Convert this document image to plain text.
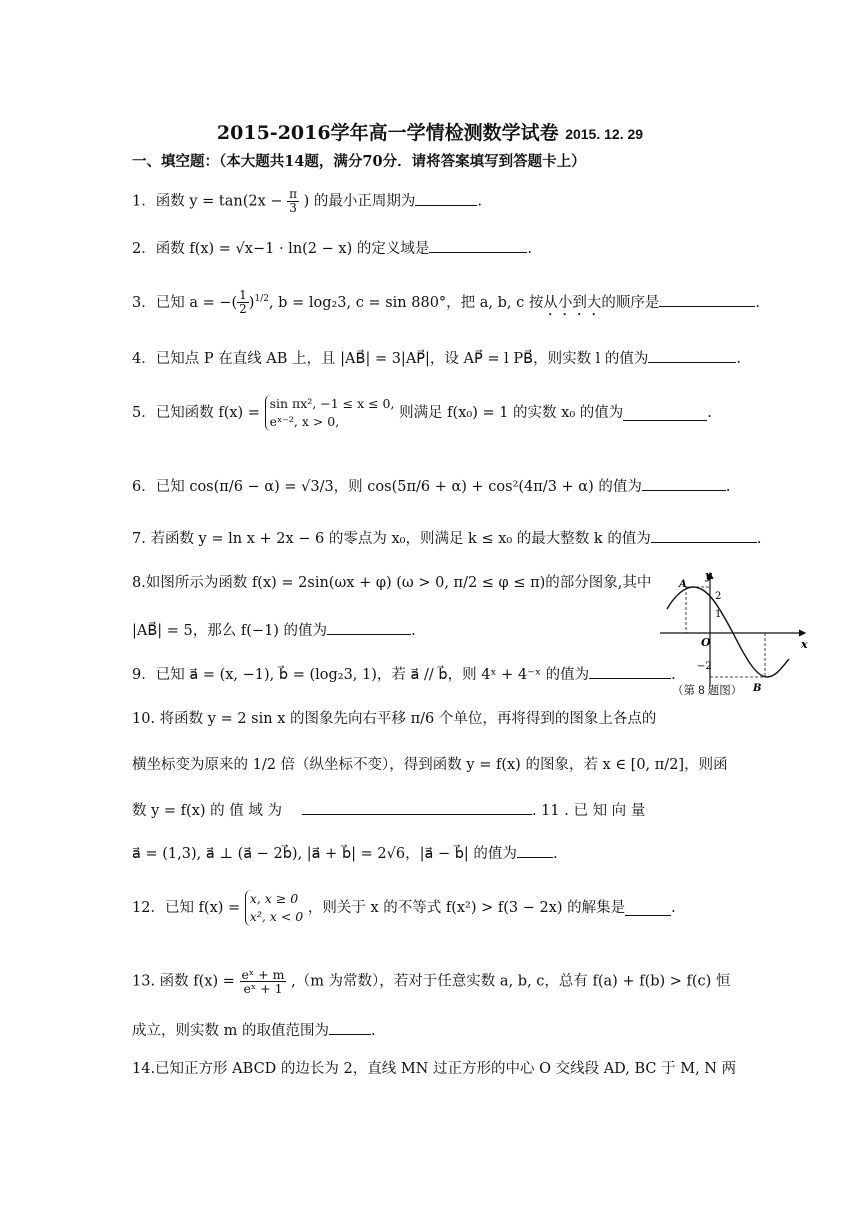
2015-2016学年高一学情检测数学试卷 2015. 12. 29
一、填空题：（本大题共14题，满分70分．请将答案填写到答题卡上）
1．函数 $y = \tan(2x - \frac{\pi}{3}$ ) 的最小正周期为	.
2．函数 f(x) = √x−1 · ln(2 − x) 的定义域是	.
3．已知 a = −( $\frac{1}{2} )^{1/2}$, b = log₂3, c = sin 880°，把 a, b, c 按从小到大的顺序是	.
4．已知点 P 在直线 AB 上，且 |AB⃗| = 3|AP⃗|，设 AP⃗ = l PB⃗，则实数 l 的值为	.
5．已知函数 f(x) =
sin πx², −1 ≤ x ≤ 0,
eˣ⁻², x > 0,
则满足 f(x₀) = 1 的实数 x₀ 的值为	.
6．已知 cos(π/6 − α) = √3/3，则 cos(5π/6 + α) + cos²(4π/3 + α) 的值为	.
7. 若函数 y = ln x + 2x − 6 的零点为 x₀，则满足 k ≤ x₀ 的最大整数 k 的值为	.
8.如图所示为函数 f(x) = 2sin(ωx + φ) (ω > 0, π/2 ≤ φ ≤ π)的部分图象,其中
|AB⃗| = 5，那么 f(−1) 的值为	.
9．已知 a⃗ = (x, −1), b⃗ = (log₂3, 1)，若 a⃗ // b⃗，则 4ˣ + 4⁻ˣ 的值为	.
10. 将函数 y = 2 sin x 的图象先向右平移 π/6 个单位，再将得到的图象上各点的
横坐标变为原来的 1/2 倍（纵坐标不变），得到函数 y = f(x) 的图象，若 x ∈ [0, π/2]，则函
数 y = f(x) 的 值 域 为	. 11 . 已 知 向 量
a⃗ = (1,3), a⃗ ⊥ (a⃗ − 2b⃗), |a⃗ + b⃗| = 2√6，|a⃗ − b⃗| 的值为 .
12．已知 f(x) =
x, x ≥ 0
x², x < 0
，则关于 x 的不等式 f(x²) > f(3 − 2x) 的解集是	.
13. 函数 $f(x) = \frac{\text{eˣ + m}}{\text{eˣ + 1}} ,(m$ 为常数），若对于任意实数 a, b, c，总有 f(a) + f(b) > f(c) 恒
成立，则实数 m 的取值范围为	.
14.已知正方形 ABCD 的边长为 2，直线 MN 过正方形的中心 O 交线段 AD, BC 于 M, N 两
y
x
O
2
1
−2
A
B
（第 8 题图）
